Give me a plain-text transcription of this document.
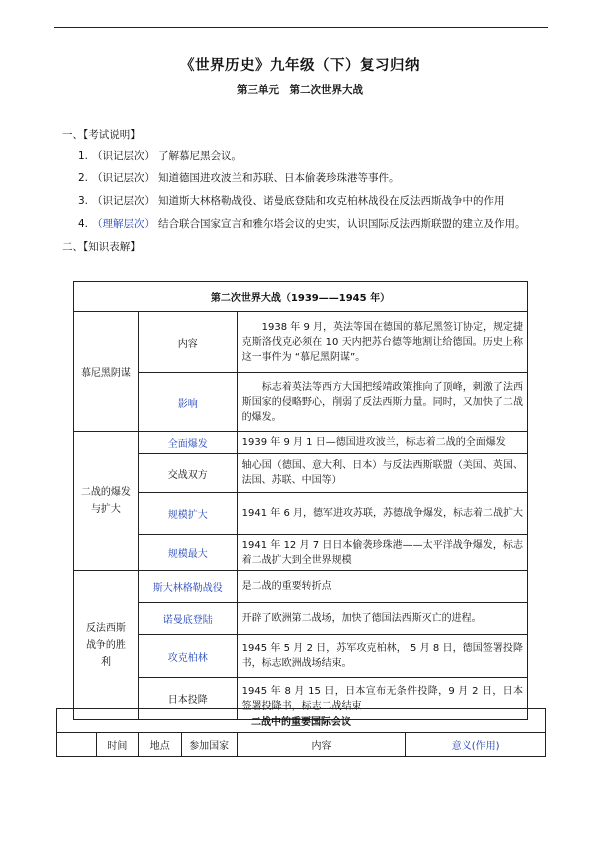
《世界历史》九年级（下）复习归纳
第三单元　第二次世界大战
一、【考试说明】
1. （识记层次） 了解慕尼黑会议。
2. （识记层次） 知道德国进攻波兰和苏联、日本偷袭珍珠港等事件。
3. （识记层次） 知道斯大林格勒战役、诺曼底登陆和攻克柏林战役在反法西斯战争中的作用
4. （理解层次） 结合联合国家宣言和雅尔塔会议的史实，认识国际反法西斯联盟的建立及作用。
二、【知识表解】
第二次世界大战（1939——1945 年）		
慕尼黑阴谋	内容	　　1938 年 9 月，英法等国在德国的慕尼黑签订协定，规定捷克斯洛伐克必须在 10 天内把苏台德等地割让给德国。历史上称这一事件为 “慕尼黑阴谋”。
	影响	　　标志着英法等西方大国把绥靖政策推向了顶峰，刺激了法西斯国家的侵略野心，削弱了反法西斯力量。同时，又加快了二战的爆发。
二战的爆发与扩大	全面爆发	1939 年 9 月 1 日—德国进攻波兰，标志着二战的全面爆发
	交战双方	轴心国（德国、意大利、日本）与反法西斯联盟（美国、英国、法国、苏联、中国等）
	规模扩大	1941 年 6 月，德军进攻苏联，苏德战争爆发，标志着二战扩大
	规模最大	1941 年 12 月 7 日日本偷袭珍珠港——太平洋战争爆发，标志着二战扩大到全世界规模
反法西斯战争的胜利	斯大林格勒战役	是二战的重要转折点
	诺曼底登陆	开辟了欧洲第二战场，加快了德国法西斯灭亡的进程。
	攻克柏林	1945 年 5 月 2 日，苏军攻克柏林， 5 月 8 日，德国签署投降书，标志欧洲战场结束。
	日本投降	1945 年 8 月 15 日，日本宣布无条件投降，9 月 2 日，日本签署投降书，标志二战结束
二战中的重要国际会议
	时间	地点	参加国家	内容	意义(作用)
